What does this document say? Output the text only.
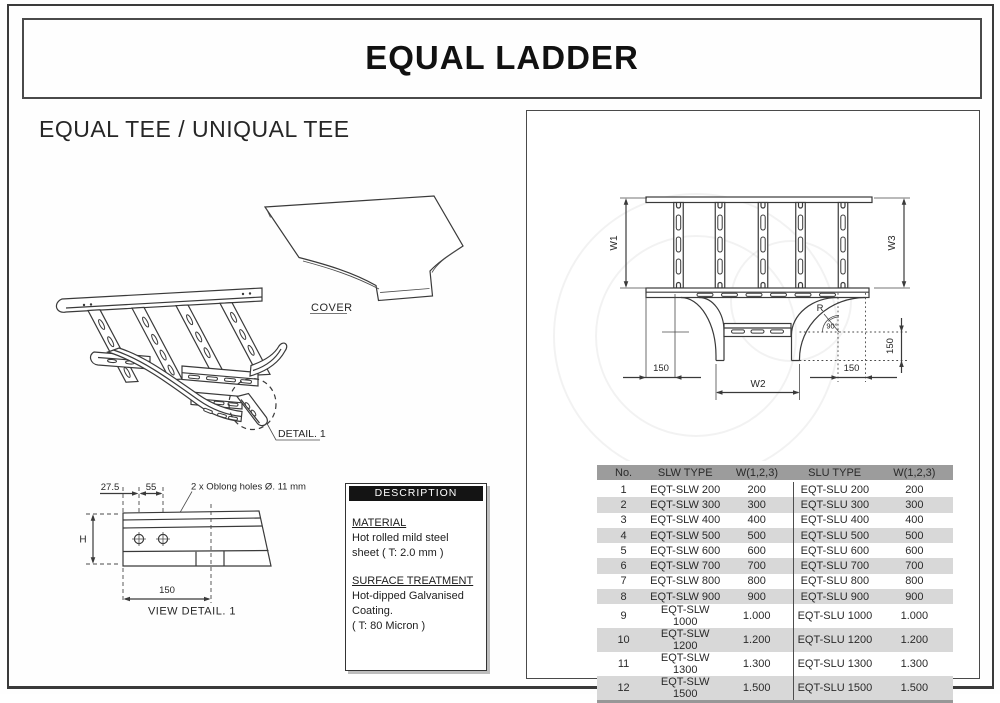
EQUAL LADDER
EQUAL TEE / UNIQUAL TEE
DETAIL. 1
COVER
27.5	55	2 x Oblong holes Ø. 11 mm
H
150
VIEW DETAIL. 1
W1	W3
150
W2
150
150
R
90°
No.	SLW TYPE	W(1,2,3)	SLU TYPE	W(1,2,3)
1	EQT-SLW 200	200	EQT-SLU 200	200
2	EQT-SLW 300	300	EQT-SLU 300	300
3	EQT-SLW 400	400	EQT-SLU 400	400
4	EQT-SLW 500	500	EQT-SLU 500	500
5	EQT-SLW 600	600	EQT-SLU 600	600
6	EQT-SLW 700	700	EQT-SLU 700	700
7	EQT-SLW 800	800	EQT-SLU 800	800
8	EQT-SLW 900	900	EQT-SLU 900	900
9	EQT-SLW 1000	1.000	EQT-SLU 1000	1.000
10	EQT-SLW 1200	1.200	EQT-SLU 1200	1.200
11	EQT-SLW 1300	1.300	EQT-SLU 1300	1.300
12	EQT-SLW 1500	1.500	EQT-SLU 1500	1.500
DESCRIPTION
MATERIAL
Hot rolled mild steel
sheet ( T: 2.0 mm )
SURFACE TREATMENT
Hot-dipped Galvanised
Coating.
( T: 80 Micron )
